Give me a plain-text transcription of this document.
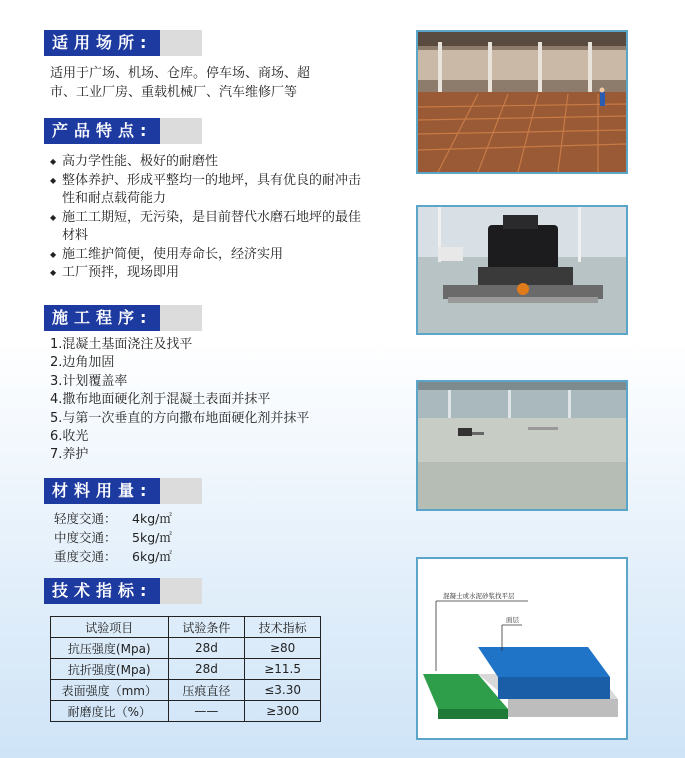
适用场所:
适用于广场、机场、仓库。停车场、商场、超
市、工业厂房、重载机械厂、汽车维修厂等
产品特点:
◆ 高力学性能、极好的耐磨性
◆ 整体养护、形成平整均一的地坪，具有优良的耐冲击性和耐点载荷能力
◆ 施工工期短，无污染，是目前替代水磨石地坪的最佳材料
◆ 施工维护简便，使用寿命长，经济实用
◆ 工厂预拌，现场即用
施工程序:
1.混凝土基面浇注及找平
2.边角加固
3.计划覆盖率
4.撒布地面硬化剂于混凝土表面并抹平
5.与第一次垂直的方向撒布地面硬化剂并抹平
6.收光
7.养护
材料用量:
轻度交通：	4kg/㎡
中度交通：	5kg/㎡
重度交通：	6kg/㎡
技术指标:
试验项目	试验条件	技术指标
抗压强度(Mpa)	28d	≥80
抗折强度(Mpa)	28d	≥11.5
表面强度（mm）	压痕直径	≤3.30
耐磨度比（%）	——	≥300
混凝土或水泥砂浆找平层
面层
